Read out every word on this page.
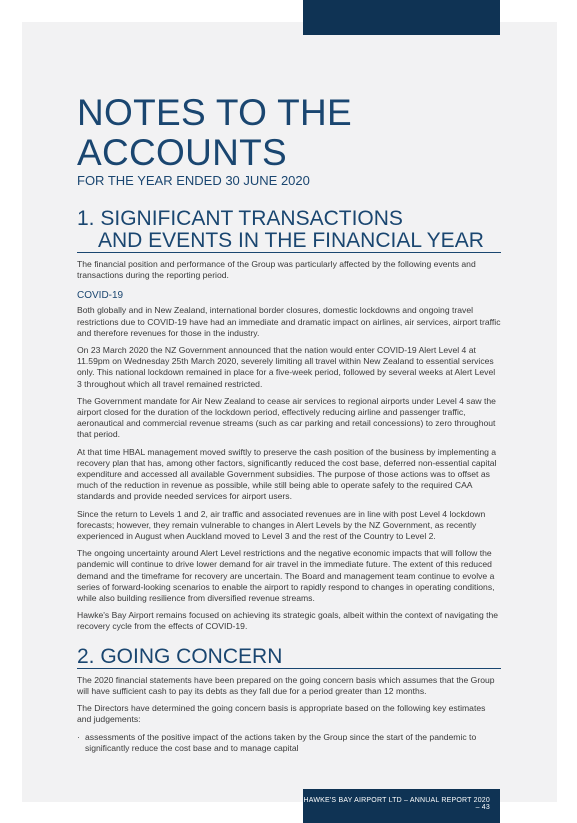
NOTES TO THE ACCOUNTS

FOR THE YEAR ENDED 30 JUNE 2020

1. SIGNIFICANT TRANSACTIONS
AND EVENTS IN THE FINANCIAL YEAR

The financial position and performance of the Group was particularly affected by the following events and transactions during the reporting period.

COVID-19

Both globally and in New Zealand, international border closures, domestic lockdowns and ongoing travel restrictions due to COVID-19 have had an immediate and dramatic impact on airlines, air services, airport traffic and therefore revenues for those in the industry.

On 23 March 2020 the NZ Government announced that the nation would enter COVID-19 Alert Level 4 at 11.59pm on Wednesday 25th March 2020, severely limiting all travel within New Zealand to essential services only. This national lockdown remained in place for a five-week period, followed by several weeks at Alert Level 3 throughout which all travel remained restricted.

The Government mandate for Air New Zealand to cease air services to regional airports under Level 4 saw the airport closed for the duration of the lockdown period, effectively reducing airline and passenger traffic, aeronautical and commercial revenue streams (such as car parking and retail concessions) to zero throughout that period.

At that time HBAL management moved swiftly to preserve the cash position of the business by implementing a recovery plan that has, among other factors, significantly reduced the cost base, deferred non-essential capital expenditure and accessed all available Government subsidies. The purpose of those actions was to offset as much of the reduction in revenue as possible, while still being able to operate safely to the required CAA standards and provide needed services for airport users.

Since the return to Levels 1 and 2, air traffic and associated revenues are in line with post Level 4 lockdown forecasts; however, they remain vulnerable to changes in Alert Levels by the NZ Government, as recently experienced in August when Auckland moved to Level 3 and the rest of the Country to Level 2.

The ongoing uncertainty around Alert Level restrictions and the negative economic impacts that will follow the pandemic will continue to drive lower demand for air travel in the immediate future. The extent of this reduced demand and the timeframe for recovery are uncertain. The Board and management team continue to evolve a series of forward-looking scenarios to enable the airport to rapidly respond to changes in operating conditions, while also building resilience from diversified revenue streams.

Hawke's Bay Airport remains focused on achieving its strategic goals, albeit within the context of navigating the recovery cycle from the effects of COVID-19.

2. GOING CONCERN

The 2020 financial statements have been prepared on the going concern basis which assumes that the Group will have sufficient cash to pay its debts as they fall due for a period greater than 12 months.

The Directors have determined the going concern basis is appropriate based on the following key estimates and judgements:

· assessments of the positive impact of the actions taken by the Group since the start of the pandemic to significantly reduce the cost base and to manage capital
HAWKE'S BAY AIRPORT LTD – ANNUAL REPORT 2020 – 43
